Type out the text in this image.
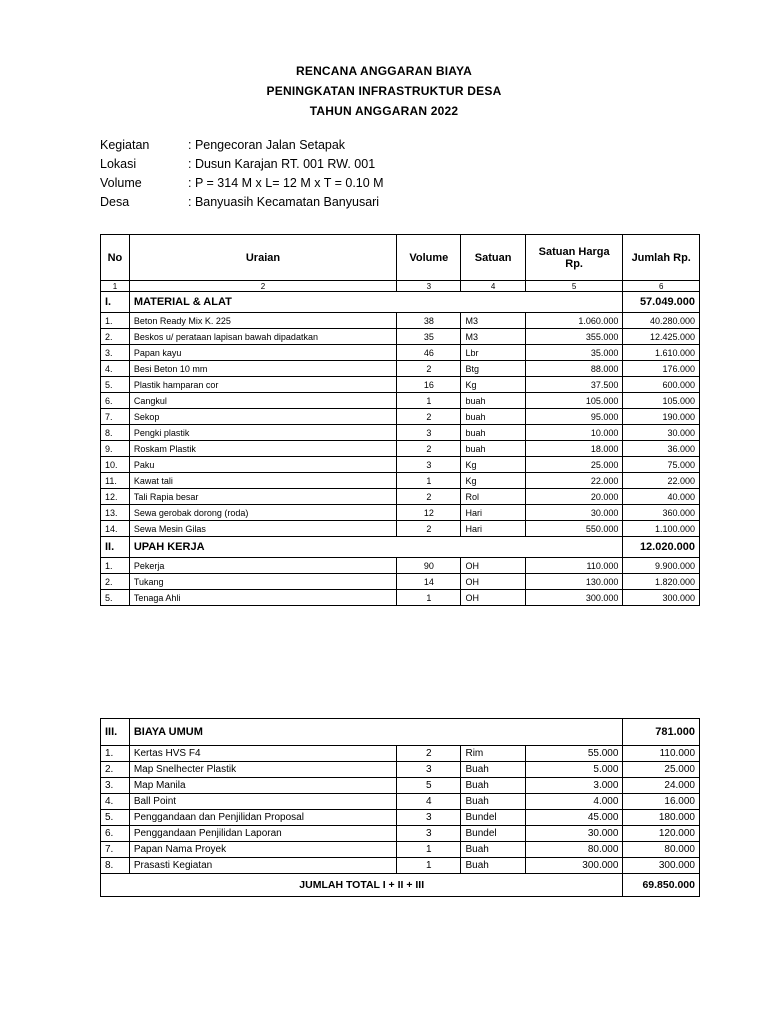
RENCANA ANGGARAN BIAYA
PENINGKATAN INFRASTRUKTUR DESA
TAHUN ANGGARAN 2022
Kegiatan	: Pengecoran Jalan Setapak
Lokasi	: Dusun Karajan RT. 001 RW. 001
Volume	: P = 314 M x L= 12 M x T = 0.10 M
Desa	: Banyuasih Kecamatan Banyusari
No	Uraian	Volume	Satuan	Satuan Harga Rp.	Jumlah Rp.
1	2	3	4	5	6
I.	MATERIAL & ALAT				57.049.000
1.	Beton Ready Mix K. 225	38	M3	1.060.000	40.280.000
2.	Beskos u/ perataan lapisan bawah dipadatkan	35	M3	355.000	12.425.000
3.	Papan kayu	46	Lbr	35.000	1.610.000
4.	Besi Beton 10 mm	2	Btg	88.000	176.000
5.	Plastik hamparan cor	16	Kg	37.500	600.000
6.	Cangkul	1	buah	105.000	105.000
7.	Sekop	2	buah	95.000	190.000
8.	Pengki plastik	3	buah	10.000	30.000
9.	Roskam Plastik	2	buah	18.000	36.000
10.	Paku	3	Kg	25.000	75.000
11.	Kawat tali	1	Kg	22.000	22.000
12.	Tali Rapia besar	2	Rol	20.000	40.000
13.	Sewa gerobak dorong (roda)	12	Hari	30.000	360.000
14.	Sewa Mesin Gilas	2	Hari	550.000	1.100.000
II.	UPAH KERJA				12.020.000
1.	Pekerja	90	OH	110.000	9.900.000
2.	Tukang	14	OH	130.000	1.820.000
5.	Tenaga Ahli	1	OH	300.000	300.000
III.	BIAYA UMUM				781.000
1.	Kertas HVS F4	2	Rim	55.000	110.000
2.	Map Snelhecter Plastik	3	Buah	5.000	25.000
3.	Map Manila	5	Buah	3.000	24.000
4.	Ball Point	4	Buah	4.000	16.000
5.	Penggandaan dan Penjilidan Proposal	3	Bundel	45.000	180.000
6.	Penggandaan Penjilidan Laporan	3	Bundel	30.000	120.000
7.	Papan Nama Proyek	1	Buah	80.000	80.000
8.	Prasasti Kegiatan	1	Buah	300.000	300.000
JUMLAH TOTAL I + II + III					69.850.000
